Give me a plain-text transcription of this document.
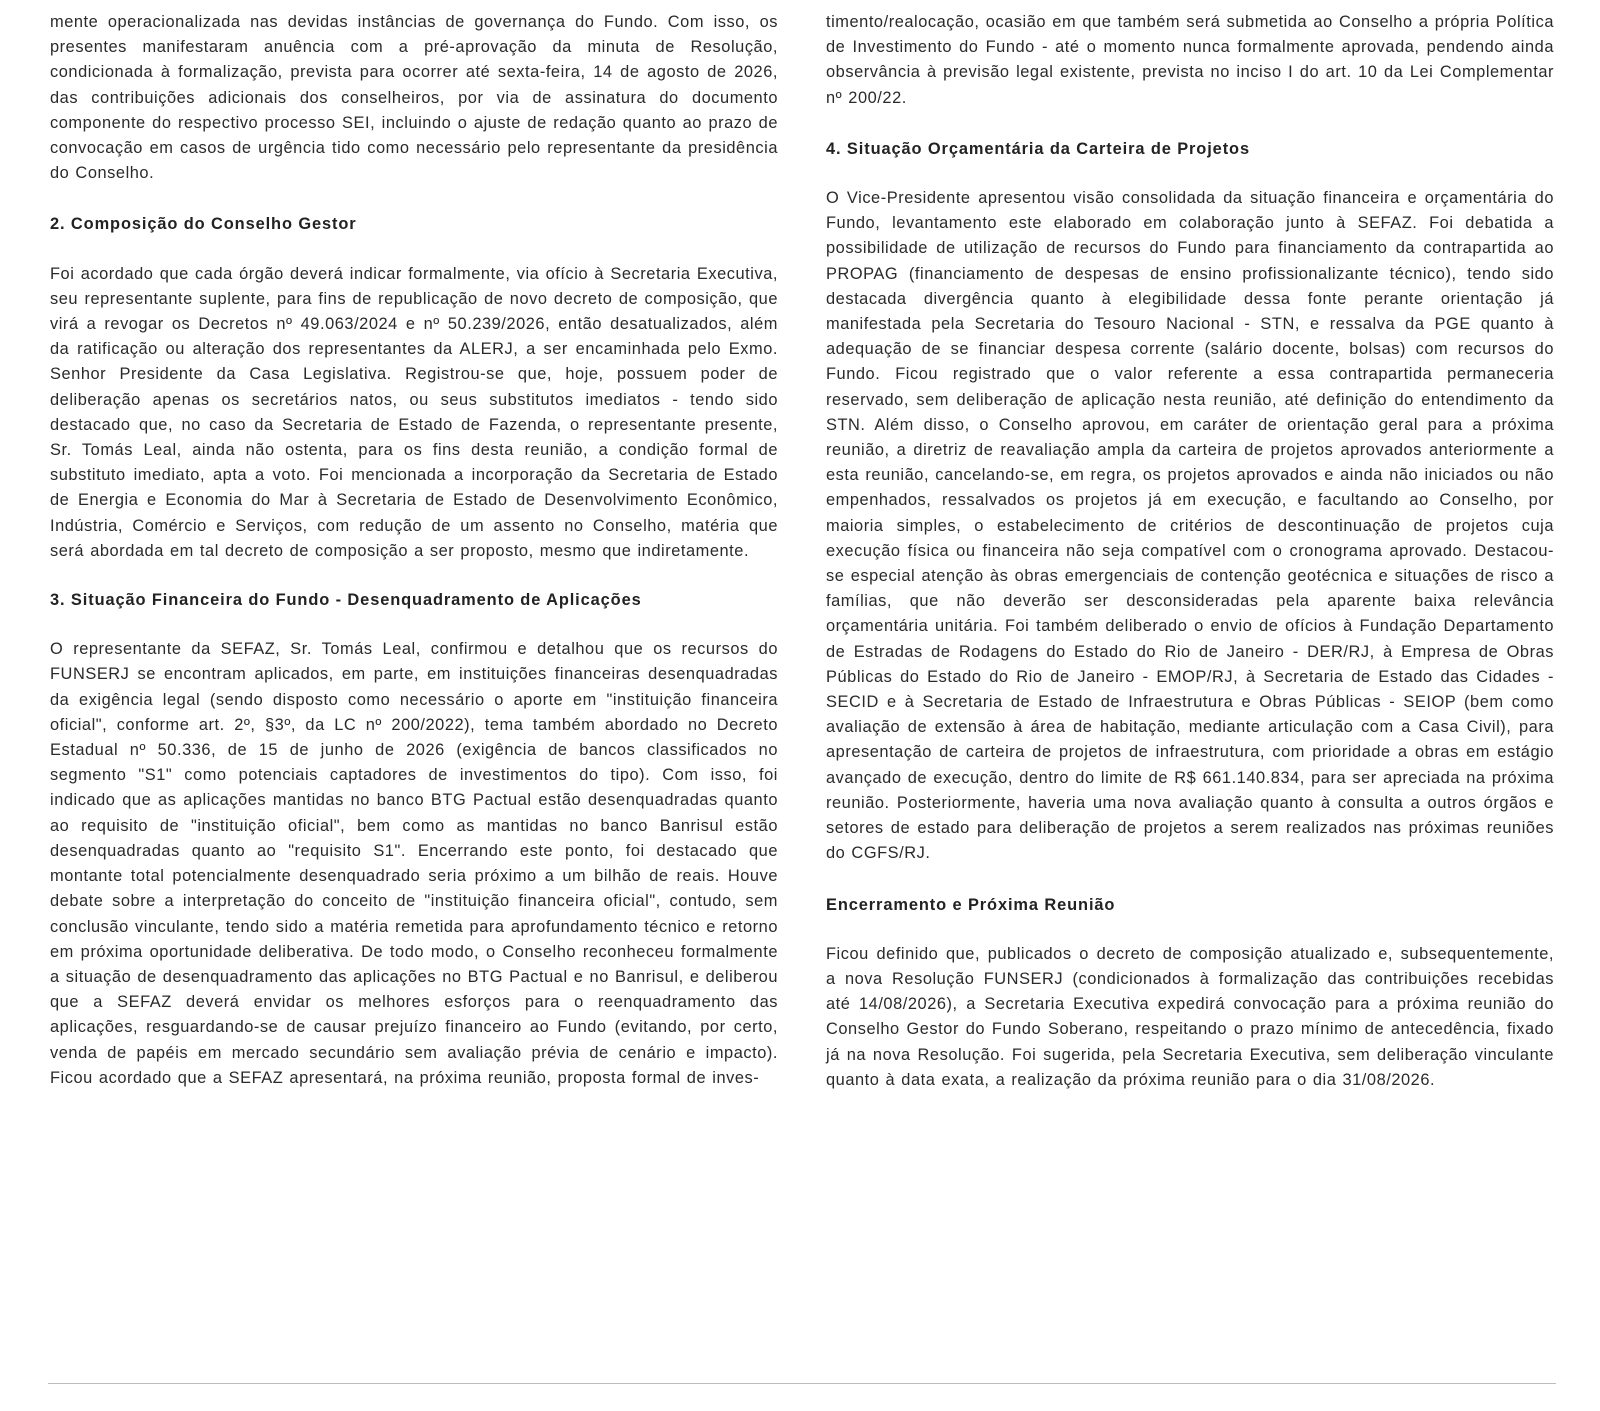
mente operacionalizada nas devidas instâncias de governança do Fundo. Com isso, os presentes manifestaram anuência com a pré-aprovação da minuta de Resolução, condicionada à formalização, prevista para ocorrer até sexta-feira, 14 de agosto de 2026, das contribuições adicionais dos conselheiros, por via de assinatura do documento componente do respectivo processo SEI, incluindo o ajuste de redação quanto ao prazo de convocação em casos de urgência tido como necessário pelo representante da presidência do Conselho.

2. Composição do Conselho Gestor

Foi acordado que cada órgão deverá indicar formalmente, via ofício à Secretaria Executiva, seu representante suplente, para fins de republicação de novo decreto de composição, que virá a revogar os Decretos nº 49.063/2024 e nº 50.239/2026, então desatualizados, além da ratificação ou alteração dos representantes da ALERJ, a ser encaminhada pelo Exmo. Senhor Presidente da Casa Legislativa. Registrou-se que, hoje, possuem poder de deliberação apenas os secretários natos, ou seus substitutos imediatos - tendo sido destacado que, no caso da Secretaria de Estado de Fazenda, o representante presente, Sr. Tomás Leal, ainda não ostenta, para os fins desta reunião, a condição formal de substituto imediato, apta a voto. Foi mencionada a incorporação da Secretaria de Estado de Energia e Economia do Mar à Secretaria de Estado de Desenvolvimento Econômico, Indústria, Comércio e Serviços, com redução de um assento no Conselho, matéria que será abordada em tal decreto de composição a ser proposto, mesmo que indiretamente.

3. Situação Financeira do Fundo - Desenquadramento de Aplicações

O representante da SEFAZ, Sr. Tomás Leal, confirmou e detalhou que os recursos do FUNSERJ se encontram aplicados, em parte, em instituições financeiras desenquadradas da exigência legal (sendo disposto como necessário o aporte em "instituição financeira oficial", conforme art. 2º, §3º, da LC nº 200/2022), tema também abordado no Decreto Estadual nº 50.336, de 15 de junho de 2026 (exigência de bancos classificados no segmento "S1" como potenciais captadores de investimentos do tipo). Com isso, foi indicado que as aplicações mantidas no banco BTG Pactual estão desenquadradas quanto ao requisito de "instituição oficial", bem como as mantidas no banco Banrisul estão desenquadradas quanto ao "requisito S1". Encerrando este ponto, foi destacado que montante total potencialmente desenquadrado seria próximo a um bilhão de reais. Houve debate sobre a interpretação do conceito de "instituição financeira oficial", contudo, sem conclusão vinculante, tendo sido a matéria remetida para aprofundamento técnico e retorno em próxima oportunidade deliberativa. De todo modo, o Conselho reconheceu formalmente a situação de desenquadramento das aplicações no BTG Pactual e no Banrisul, e deliberou que a SEFAZ deverá envidar os melhores esforços para o reenquadramento das aplicações, resguardando-se de causar prejuízo financeiro ao Fundo (evitando, por certo, venda de papéis em mercado secundário sem avaliação prévia de cenário e impacto). Ficou acordado que a SEFAZ apresentará, na próxima reunião, proposta formal de inves-

timento/realocação, ocasião em que também será submetida ao Conselho a própria Política de Investimento do Fundo - até o momento nunca formalmente aprovada, pendendo ainda observância à previsão legal existente, prevista no inciso I do art. 10 da Lei Complementar nº 200/22.

4. Situação Orçamentária da Carteira de Projetos

O Vice-Presidente apresentou visão consolidada da situação financeira e orçamentária do Fundo, levantamento este elaborado em colaboração junto à SEFAZ. Foi debatida a possibilidade de utilização de recursos do Fundo para financiamento da contrapartida ao PROPAG (financiamento de despesas de ensino profissionalizante técnico), tendo sido destacada divergência quanto à elegibilidade dessa fonte perante orientação já manifestada pela Secretaria do Tesouro Nacional - STN, e ressalva da PGE quanto à adequação de se financiar despesa corrente (salário docente, bolsas) com recursos do Fundo. Ficou registrado que o valor referente a essa contrapartida permaneceria reservado, sem deliberação de aplicação nesta reunião, até definição do entendimento da STN. Além disso, o Conselho aprovou, em caráter de orientação geral para a próxima reunião, a diretriz de reavaliação ampla da carteira de projetos aprovados anteriormente a esta reunião, cancelando-se, em regra, os projetos aprovados e ainda não iniciados ou não empenhados, ressalvados os projetos já em execução, e facultando ao Conselho, por maioria simples, o estabelecimento de critérios de descontinuação de projetos cuja execução física ou financeira não seja compatível com o cronograma aprovado. Destacou-se especial atenção às obras emergenciais de contenção geotécnica e situações de risco a famílias, que não deverão ser desconsideradas pela aparente baixa relevância orçamentária unitária. Foi também deliberado o envio de ofícios à Fundação Departamento de Estradas de Rodagens do Estado do Rio de Janeiro - DER/RJ, à Empresa de Obras Públicas do Estado do Rio de Janeiro - EMOP/RJ, à Secretaria de Estado das Cidades - SECID e à Secretaria de Estado de Infraestrutura e Obras Públicas - SEIOP (bem como avaliação de extensão à área de habitação, mediante articulação com a Casa Civil), para apresentação de carteira de projetos de infraestrutura, com prioridade a obras em estágio avançado de execução, dentro do limite de R$ 661.140.834, para ser apreciada na próxima reunião. Posteriormente, haveria uma nova avaliação quanto à consulta a outros órgãos e setores de estado para deliberação de projetos a serem realizados nas próximas reuniões do CGFS/RJ.

Encerramento e Próxima Reunião

Ficou definido que, publicados o decreto de composição atualizado e, subsequentemente, a nova Resolução FUNSERJ (condicionados à formalização das contribuições recebidas até 14/08/2026), a Secretaria Executiva expedirá convocação para a próxima reunião do Conselho Gestor do Fundo Soberano, respeitando o prazo mínimo de antecedência, fixado já na nova Resolução. Foi sugerida, pela Secretaria Executiva, sem deliberação vinculante quanto à data exata, a realização da próxima reunião para o dia 31/08/2026.
